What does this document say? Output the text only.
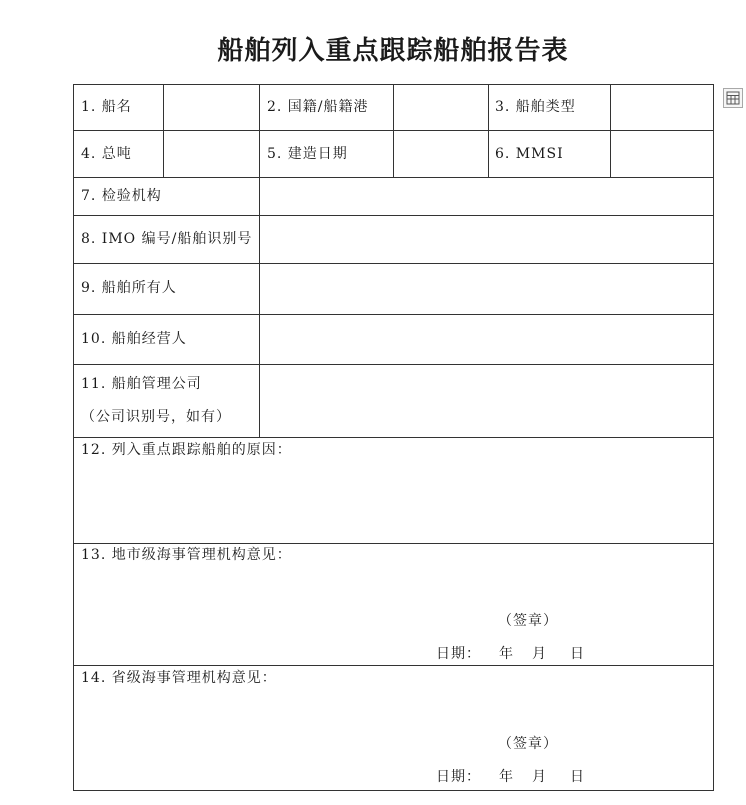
船舶列入重点跟踪船舶报告表
1. 船名	2. 国籍/船籍港	3. 船舶类型
4. 总吨	5. 建造日期	6. MMSI
7. 检验机构
8. IMO 编号/船舶识别号
9. 船舶所有人
10. 船舶经营人
11. 船舶管理公司
（公司识别号，如有）
12. 列入重点跟踪船舶的原因：
13. 地市级海事管理机构意见：
（签章）
日期： 年 月 日
14. 省级海事管理机构意见：
（签章）
日期： 年 月 日
